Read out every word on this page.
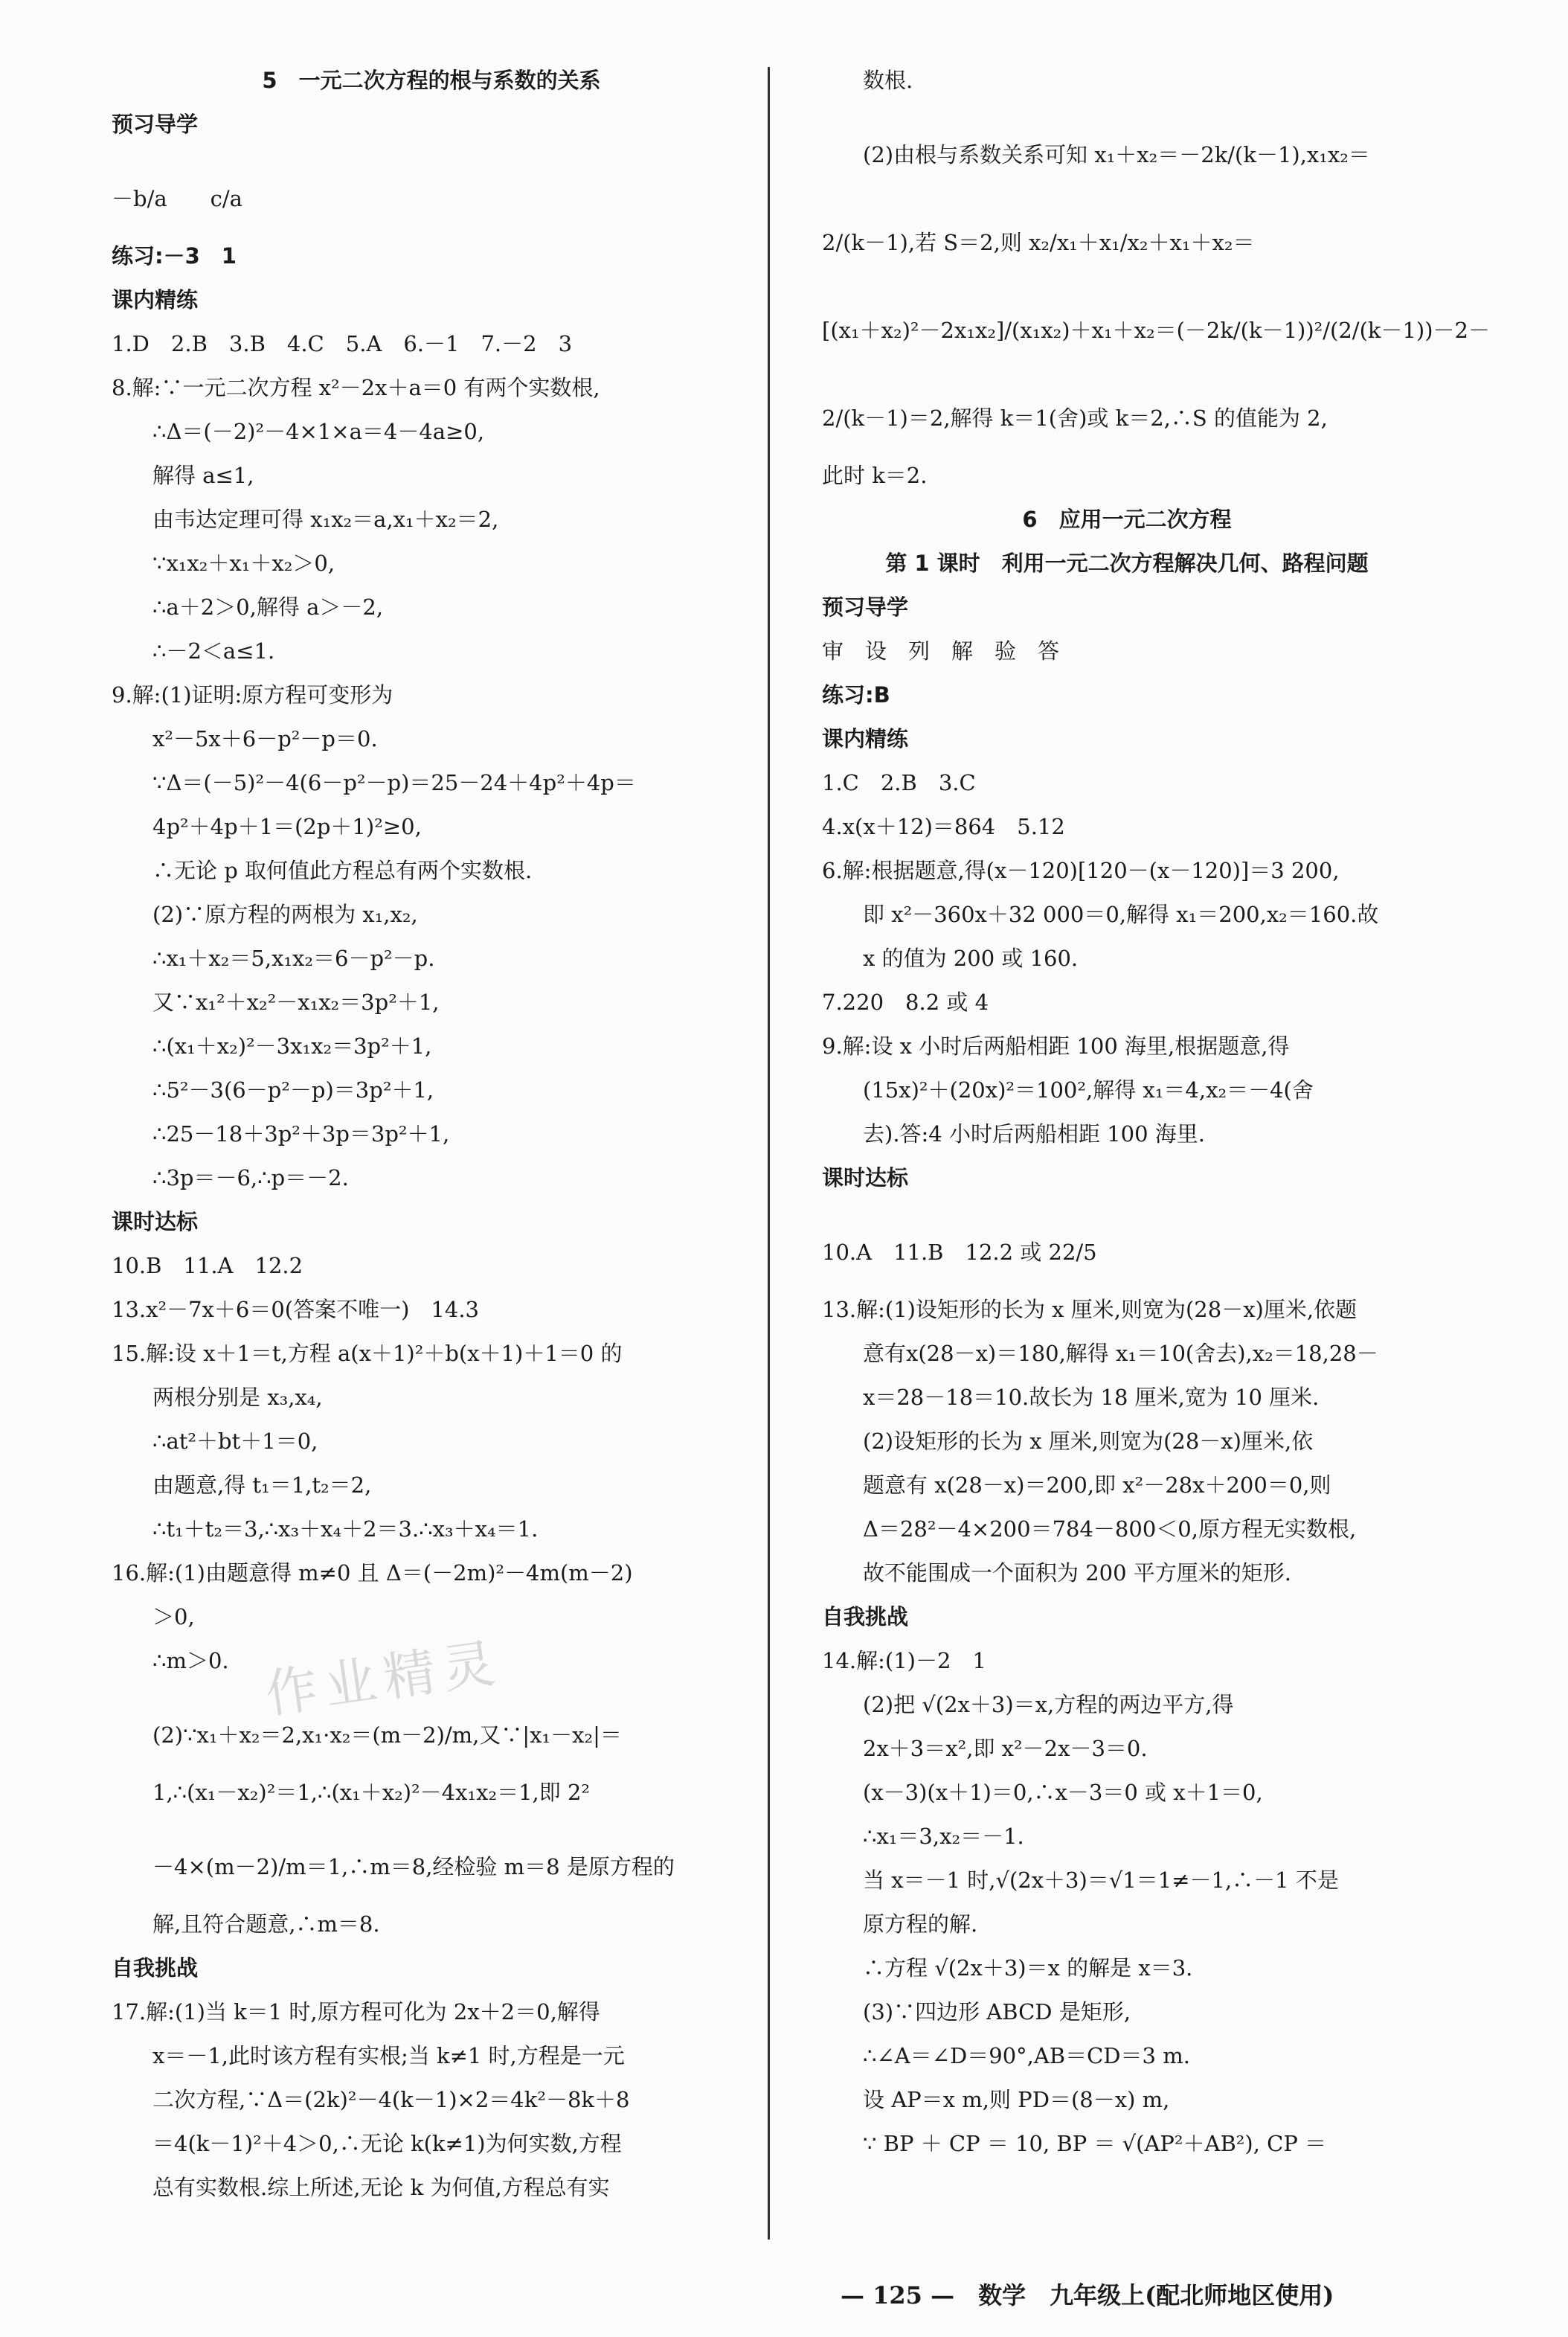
5　一元二次方程的根与系数的关系
预习导学
－b/a　　c/a
练习:－3　1
课内精练
1.D　2.B　3.B　4.C　5.A　6.－1　7.－2　3
8.解:∵一元二次方程 x²－2x＋a＝0 有两个实数根,
∴Δ＝(－2)²－4×1×a＝4－4a≥0,
解得 a≤1,
由韦达定理可得 x₁x₂＝a,x₁＋x₂＝2,
∵x₁x₂＋x₁＋x₂＞0,
∴a＋2＞0,解得 a＞－2,
∴－2＜a≤1.
9.解:(1)证明:原方程可变形为
x²－5x＋6－p²－p＝0.
∵Δ＝(－5)²－4(6－p²－p)＝25－24＋4p²＋4p＝
4p²＋4p＋1＝(2p＋1)²≥0,
∴无论 p 取何值此方程总有两个实数根.
(2)∵原方程的两根为 x₁,x₂,
∴x₁＋x₂＝5,x₁x₂＝6－p²－p.
又∵x₁²＋x₂²－x₁x₂＝3p²＋1,
∴(x₁＋x₂)²－3x₁x₂＝3p²＋1,
∴5²－3(6－p²－p)＝3p²＋1,
∴25－18＋3p²＋3p＝3p²＋1,
∴3p＝－6,∴p＝－2.
课时达标
10.B　11.A　12.2
13.x²－7x＋6＝0(答案不唯一)　14.3
15.解:设 x＋1＝t,方程 a(x＋1)²＋b(x＋1)＋1＝0 的
两根分别是 x₃,x₄,
∴at²＋bt＋1＝0,
由题意,得 t₁＝1,t₂＝2,
∴t₁＋t₂＝3,∴x₃＋x₄＋2＝3.∴x₃＋x₄＝1.
16.解:(1)由题意得 m≠0 且 Δ＝(－2m)²－4m(m－2)
＞0,
∴m＞0.
(2)∵x₁＋x₂＝2,x₁·x₂＝(m－2)/m,又∵|x₁－x₂|＝
1,∴(x₁－x₂)²＝1,∴(x₁＋x₂)²－4x₁x₂＝1,即 2²
－4×(m－2)/m＝1,∴m＝8,经检验 m＝8 是原方程的
解,且符合题意,∴m＝8.
自我挑战
17.解:(1)当 k＝1 时,原方程可化为 2x＋2＝0,解得
x＝－1,此时该方程有实根;当 k≠1 时,方程是一元
二次方程,∵Δ＝(2k)²－4(k－1)×2＝4k²－8k＋8
＝4(k－1)²＋4＞0,∴无论 k(k≠1)为何实数,方程
总有实数根.综上所述,无论 k 为何值,方程总有实
数根.
(2)由根与系数关系可知 x₁＋x₂＝－2k/(k－1),x₁x₂＝
2/(k－1),若 S＝2,则 x₂/x₁＋x₁/x₂＋x₁＋x₂＝
[(x₁＋x₂)²－2x₁x₂]/(x₁x₂)＋x₁＋x₂＝(－2k/(k－1))²/(2/(k－1))－2－
2/(k－1)＝2,解得 k＝1(舍)或 k＝2,∴S 的值能为 2,
此时 k＝2.
6　应用一元二次方程
第 1 课时　利用一元二次方程解决几何、路程问题
预习导学
审　设　列　解　验　答
练习:B
课内精练
1.C　2.B　3.C
4.x(x＋12)＝864　5.12
6.解:根据题意,得(x－120)[120－(x－120)]＝3 200,
即 x²－360x＋32 000＝0,解得 x₁＝200,x₂＝160.故
x 的值为 200 或 160.
7.220　8.2 或 4
9.解:设 x 小时后两船相距 100 海里,根据题意,得
(15x)²＋(20x)²＝100²,解得 x₁＝4,x₂＝－4(舍
去).答:4 小时后两船相距 100 海里.
课时达标
10.A　11.B　12.2 或 22/5
13.解:(1)设矩形的长为 x 厘米,则宽为(28－x)厘米,依题
意有x(28－x)＝180,解得 x₁＝10(舍去),x₂＝18,28－
x＝28－18＝10.故长为 18 厘米,宽为 10 厘米.
(2)设矩形的长为 x 厘米,则宽为(28－x)厘米,依
题意有 x(28－x)＝200,即 x²－28x＋200＝0,则
Δ＝28²－4×200＝784－800＜0,原方程无实数根,
故不能围成一个面积为 200 平方厘米的矩形.
自我挑战
14.解:(1)－2　1
(2)把 √(2x＋3)＝x,方程的两边平方,得
2x＋3＝x²,即 x²－2x－3＝0.
(x－3)(x＋1)＝0,∴x－3＝0 或 x＋1＝0,
∴x₁＝3,x₂＝－1.
当 x＝－1 时,√(2x＋3)＝√1＝1≠－1,∴－1 不是
原方程的解.
∴方程 √(2x＋3)＝x 的解是 x＝3.
(3)∵四边形 ABCD 是矩形,
∴∠A＝∠D＝90°,AB＝CD＝3 m.
设 AP＝x m,则 PD＝(8－x) m,
∵ BP ＋ CP ＝ 10, BP ＝ √(AP²＋AB²), CP ＝
作业精灵
— 125 —　数学　九年级上(配北师地区使用)
